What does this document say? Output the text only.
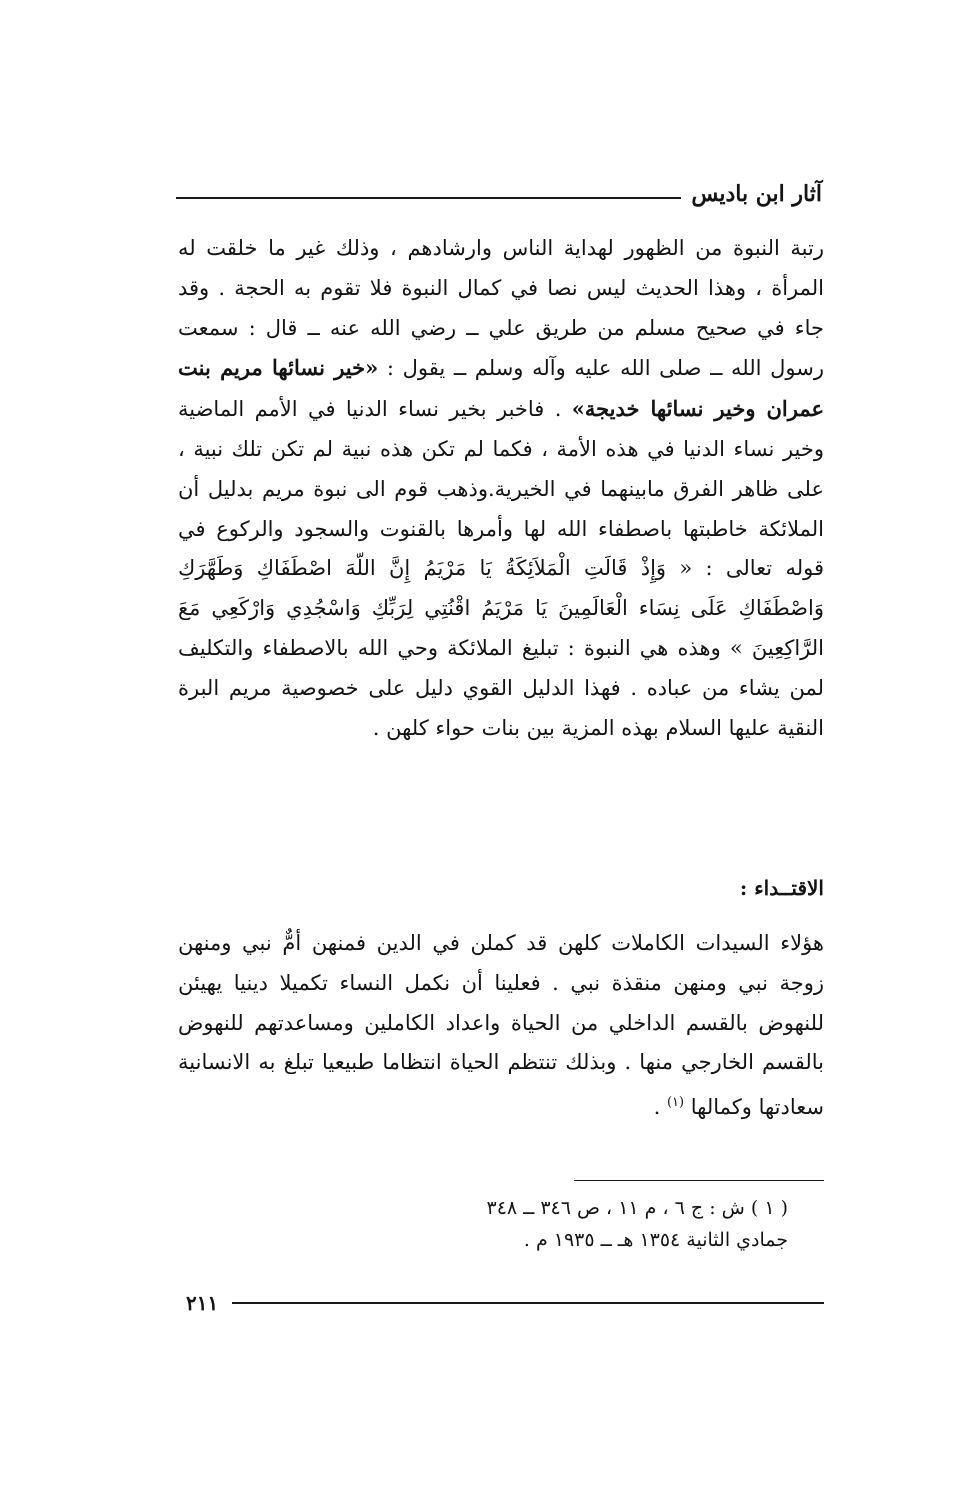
آثار ابن باديس
رتبة النبوة من الظهور لهداية الناس وارشادهم ، وذلك غير ما خلقت له المرأة ، وهذا الحديث ليس نصا في كمال النبوة فلا تقوم به الحجة . وقد جاء في صحيح مسلم من طريق علي ــ رضي الله عنه ــ قال : سمعت رسول الله ــ صلى الله عليه وآله وسلم ــ يقول : «خير نسائها مريم بنت عمران وخير نسائها خديجة» . فاخبر بخير نساء الدنيا في الأمم الماضية وخير نساء الدنيا في هذه الأمة ، فكما لم تكن هذه نبية لم تكن تلك نبية ، على ظاهر الفرق مابينهما في الخيرية.وذهب قوم الى نبوة مريم بدليل أن الملائكة خاطبتها باصطفاء الله لها وأمرها بالقنوت والسجود والركوع في قوله تعالى : « وَإِذْ قَالَتِ الْمَلاَئِكَةُ يَا مَرْيَمُ إِنَّ اللّهَ اصْطَفَاكِ وَطَهَّرَكِ وَاصْطَفَاكِ عَلَى نِسَاء الْعَالَمِينَ يَا مَرْيَمُ اقْنُتِي لِرَبِّكِ وَاسْجُدِي وَارْكَعِي مَعَ الرَّاكِعِينَ » وهذه هي النبوة : تبليغ الملائكة وحي الله بالاصطفاء والتكليف لمن يشاء من عباده . فهذا الدليل القوي دليل على خصوصية مريم البرة النقية عليها السلام بهذه المزية بين بنات حواء كلهن .
الاقتــداء :
هؤلاء السيدات الكاملات كلهن قد كملن في الدين فمنهن أمٌّ نبي ومنهن زوجة نبي ومنهن منقذة نبي . فعلينا أن نكمل النساء تكميلا دينيا يهيئن للنهوض بالقسم الداخلي من الحياة واعداد الكاملين ومساعدتهم للنهوض بالقسم الخارجي منها . وبذلك تنتظم الحياة انتظاما طبيعيا تبلغ به الانسانية سعادتها وكمالها $^{(١)}$ .
( ١ ) ش : ج ٦ ، م ١١ ، ص ٣٤٦ ــ ٣٤٨
جمادي الثانية ١٣٥٤ هـ ــ ١٩٣٥ م .
٢١١
